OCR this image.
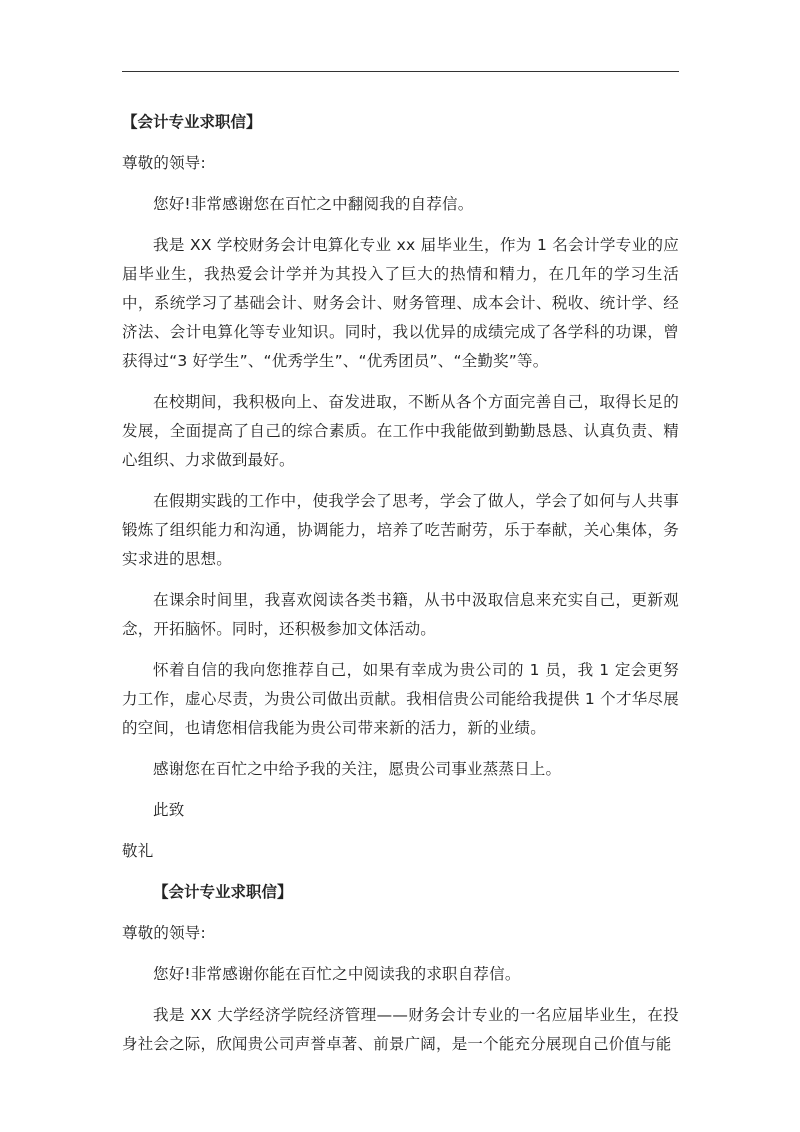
【会计专业求职信】

尊敬的领导:

您好!非常感谢您在百忙之中翻阅我的自荐信。

我是 XX 学校财务会计电算化专业 xx 届毕业生，作为 1 名会计学专业的应届毕业生，我热爱会计学并为其投入了巨大的热情和精力，在几年的学习生活中，系统学习了基础会计、财务会计、财务管理、成本会计、税收、统计学、经济法、会计电算化等专业知识。同时，我以优异的成绩完成了各学科的功课，曾获得过“3 好学生”、“优秀学生”、“优秀团员”、“全勤奖”等。

在校期间，我积极向上、奋发进取，不断从各个方面完善自己，取得长足的发展，全面提高了自己的综合素质。在工作中我能做到勤勤恳恳、认真负责、精心组织、力求做到最好。

在假期实践的工作中，使我学会了思考，学会了做人，学会了如何与人共事锻炼了组织能力和沟通，协调能力，培养了吃苦耐劳，乐于奉献，关心集体，务实求进的思想。

在课余时间里，我喜欢阅读各类书籍，从书中汲取信息来充实自己，更新观念，开拓脑怀。同时，还积极参加文体活动。

怀着自信的我向您推荐自己，如果有幸成为贵公司的 1 员，我 1 定会更努力工作，虚心尽责，为贵公司做出贡献。我相信贵公司能给我提供 1 个才华尽展的空间，也请您相信我能为贵公司带来新的活力，新的业绩。

感谢您在百忙之中给予我的关注，愿贵公司事业蒸蒸日上。

此致

敬礼

【会计专业求职信】

尊敬的领导:

您好!非常感谢你能在百忙之中阅读我的求职自荐信。

我是 XX 大学经济学院经济管理——财务会计专业的一名应届毕业生，在投身社会之际，欣闻贵公司声誉卓著、前景广阔，是一个能充分展现自己价值与能
